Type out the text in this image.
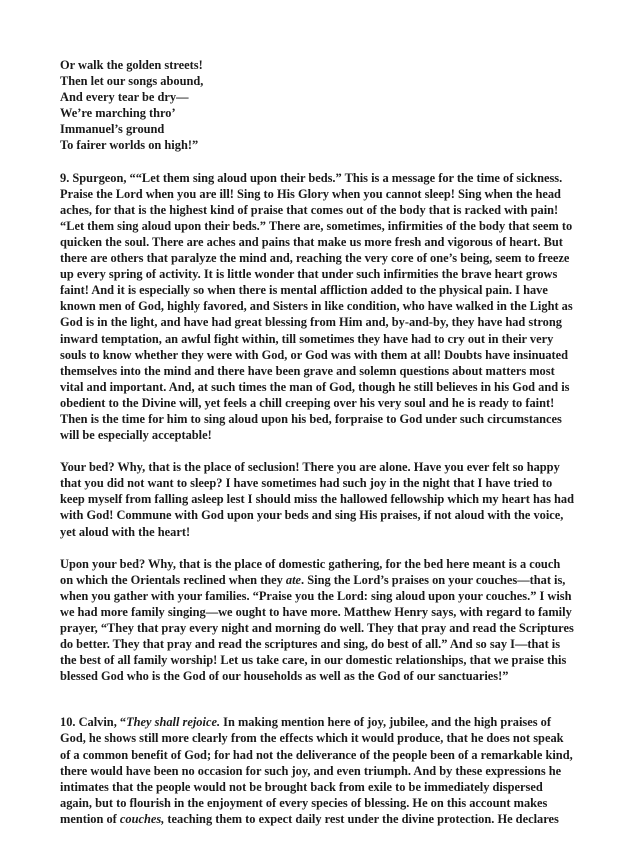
Or walk the golden streets!
Then let our songs abound,
And every tear be dry—
We’re marching thro’
Immanuel’s ground
To fairer worlds on high!”
9. Spurgeon, ““Let them sing aloud upon their beds.” This is a message for the time of sickness.
Praise the Lord when you are ill! Sing to His Glory when you cannot sleep! Sing when the head
aches, for that is the highest kind of praise that comes out of the body that is racked with pain!
“Let them sing aloud upon their beds.” There are, sometimes, infirmities of the body that seem to
quicken the soul. There are aches and pains that make us more fresh and vigorous of heart. But
there are others that paralyze the mind and, reaching the very core of one’s being, seem to freeze
up every spring of activity. It is little wonder that under such infirmities the brave heart grows
faint! And it is especially so when there is mental affliction added to the physical pain. I have
known men of God, highly favored, and Sisters in like condition, who have walked in the Light as
God is in the light, and have had great blessing from Him and, by-and-by, they have had strong
inward temptation, an awful fight within, till sometimes they have had to cry out in their very
souls to know whether they were with God, or God was with them at all! Doubts have insinuated
themselves into the mind and there have been grave and solemn questions about matters most
vital and important. And, at such times the man of God, though he still believes in his God and is
obedient to the Divine will, yet feels a chill creeping over his very soul and he is ready to faint!
Then is the time for him to sing aloud upon his bed, forpraise to God under such circumstances
will be especially acceptable!
Your bed? Why, that is the place of seclusion! There you are alone. Have you ever felt so happy
that you did not want to sleep? I have sometimes had such joy in the night that I have tried to
keep myself from falling asleep lest I should miss the hallowed fellowship which my heart has had
with God! Commune with God upon your beds and sing His praises, if not aloud with the voice,
yet aloud with the heart!
Upon your bed? Why, that is the place of domestic gathering, for the bed here meant is a couch
on which the Orientals reclined when they ate. Sing the Lord’s praises on your couches—that is,
when you gather with your families. “Praise you the Lord: sing aloud upon your couches.” I wish
we had more family singing—we ought to have more. Matthew Henry says, with regard to family
prayer, “They that pray every night and morning do well. They that pray and read the Scriptures
do better. They that pray and read the scriptures and sing, do best of all.” And so say I—that is
the best of all family worship! Let us take care, in our domestic relationships, that we praise this
blessed God who is the God of our households as well as the God of our sanctuaries!”
10. Calvin, “They shall rejoice. In making mention here of joy, jubilee, and the high praises of
God, he shows still more clearly from the effects which it would produce, that he does not speak
of a common benefit of God; for had not the deliverance of the people been of a remarkable kind,
there would have been no occasion for such joy, and even triumph. And by these expressions he
intimates that the people would not be brought back from exile to be immediately dispersed
again, but to flourish in the enjoyment of every species of blessing. He on this account makes
mention of couches, teaching them to expect daily rest under the divine protection. He declares
